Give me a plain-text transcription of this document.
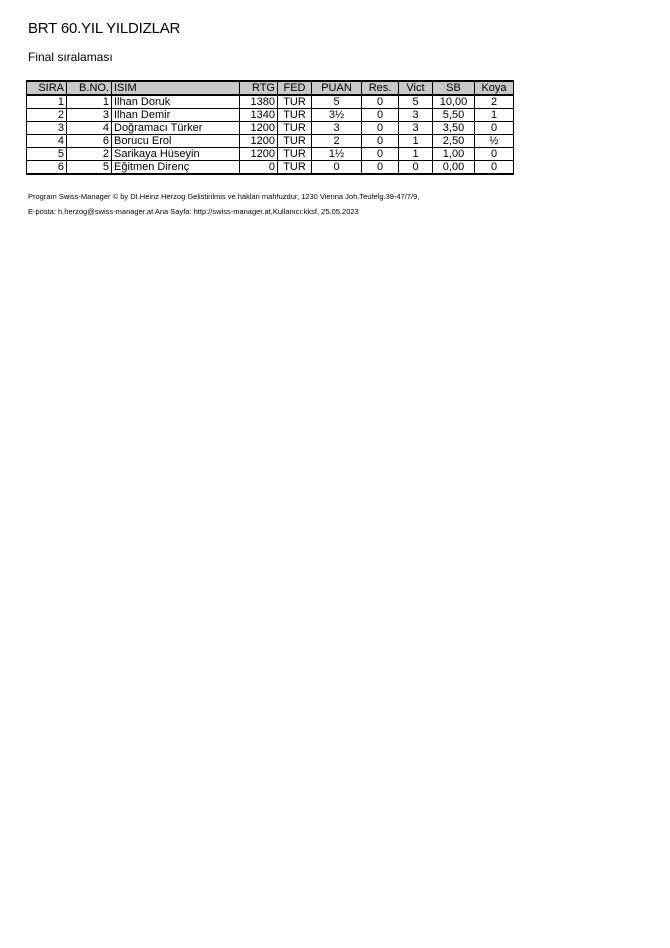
BRT 60.YIL YILDIZLAR
Final sıralaması
SIRA	B.NO.	ISIM	RTG	FED	PUAN	Res.	Vict	SB	Koya
1	1	Ilhan Doruk	1380	TUR	5	0	5	10,00	2
2	3	Ilhan Demir	1340	TUR	3½	0	3	5,50	1
3	4	Doğramacı Türker	1200	TUR	3	0	3	3,50	0
4	6	Borucu Erol	1200	TUR	2	0	1	2,50	½
5	2	Sarikaya Hüseyin	1200	TUR	1½	0	1	1,00	0
6	5	Eğitmen Direnç	0	TUR	0	0	0	0,00	0
Program Swiss-Manager © by DI.Heinz Herzog Gelistirilmis ve haklari mahfuzdur, 1230 Vienna Joh.Teufelg.39-47/7/9,
E-posta: h.herzog@swiss-manager.at Ana Sayfa: http://swiss-manager.at,Kullanıcı:kksf, 25.05.2023
